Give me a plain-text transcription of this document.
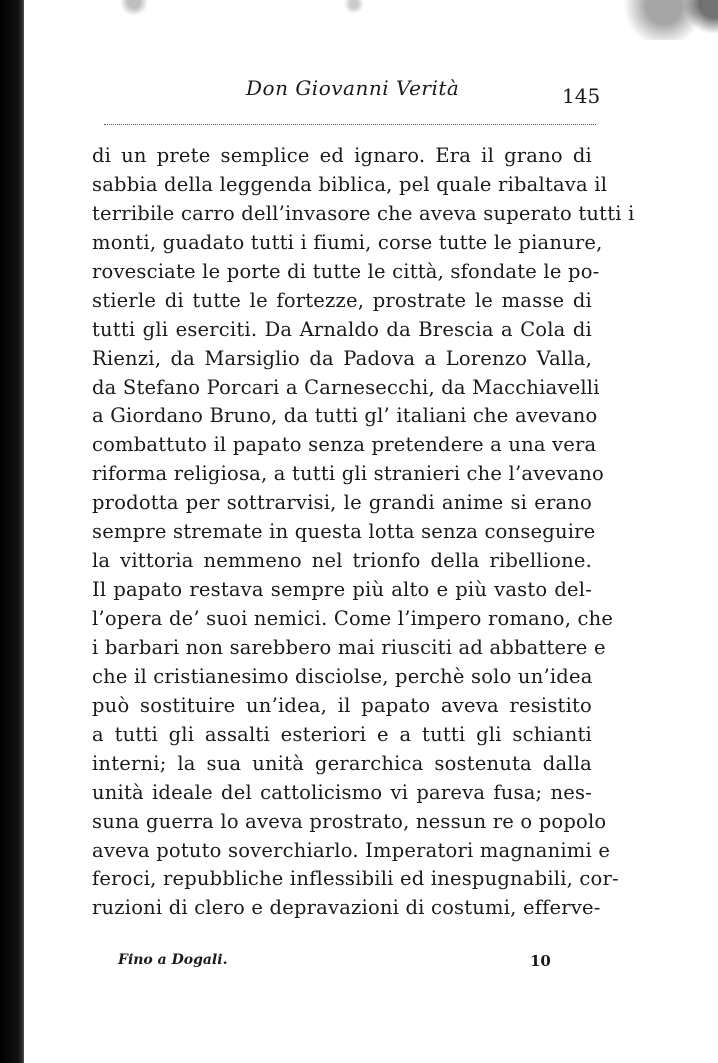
Don Giovanni Verità	145
di un prete semplice ed ignaro. Era il grano di
sabbia della leggenda biblica, pel quale ribaltava il
terribile carro dell’invasore che aveva superato tutti i
monti, guadato tutti i fiumi, corse tutte le pianure,
rovesciate le porte di tutte le città, sfondate le po-
stierle di tutte le fortezze, prostrate le masse di
tutti gli eserciti. Da Arnaldo da Brescia a Cola di
Rienzi, da Marsiglio da Padova a Lorenzo Valla,
da Stefano Porcari a Carnesecchi, da Macchiavelli
a Giordano Bruno, da tutti gl’ italiani che avevano
combattuto il papato senza pretendere a una vera
riforma religiosa, a tutti gli stranieri che l’avevano
prodotta per sottrarvisi, le grandi anime si erano
sempre stremate in questa lotta senza conseguire
la vittoria nemmeno nel trionfo della ribellione.
Il papato restava sempre più alto e più vasto del-
l’opera de’ suoi nemici. Come l’impero romano, che
i barbari non sarebbero mai riusciti ad abbattere e
che il cristianesimo disciolse, perchè solo un’idea
può sostituire un’idea, il papato aveva resistito
a tutti gli assalti esteriori e a tutti gli schianti
interni; la sua unità gerarchica sostenuta dalla
unità ideale del cattolicismo vi pareva fusa; nes-
suna guerra lo aveva prostrato, nessun re o popolo
aveva potuto soverchiarlo. Imperatori magnanimi e
feroci, repubbliche inflessibili ed inespugnabili, cor-
ruzioni di clero e depravazioni di costumi, efferve-
Fino a Dogali.	10
